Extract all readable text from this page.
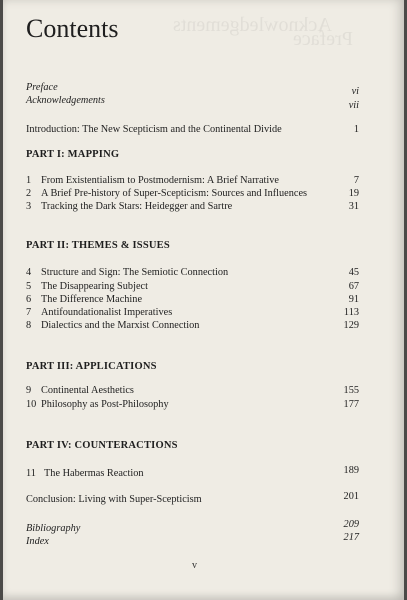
Acknowledgements
Preface
Contents
Preface	vi
Acknowledgements	vii
Introduction: The New Scepticism and the Continental Divide	1
PART I: MAPPING
1 From Existentialism to Postmodernism: A Brief Narrative	7
2 A Brief Pre-history of Super-Scepticism: Sources and Influences	19
3 Tracking the Dark Stars: Heidegger and Sartre	31
PART II: THEMES & ISSUES
4 Structure and Sign: The Semiotic Connection	45
5 The Disappearing Subject	67
6 The Difference Machine	91
7 Antifoundationalist Imperatives	113
8 Dialectics and the Marxist Connection	129
PART III: APPLICATIONS
9 Continental Aesthetics	155
10 Philosophy as Post-Philosophy	177
PART IV: COUNTERACTIONS
11 The Habermas Reaction	189
Conclusion: Living with Super-Scepticism	201
Bibliography	209
Index	217
v
